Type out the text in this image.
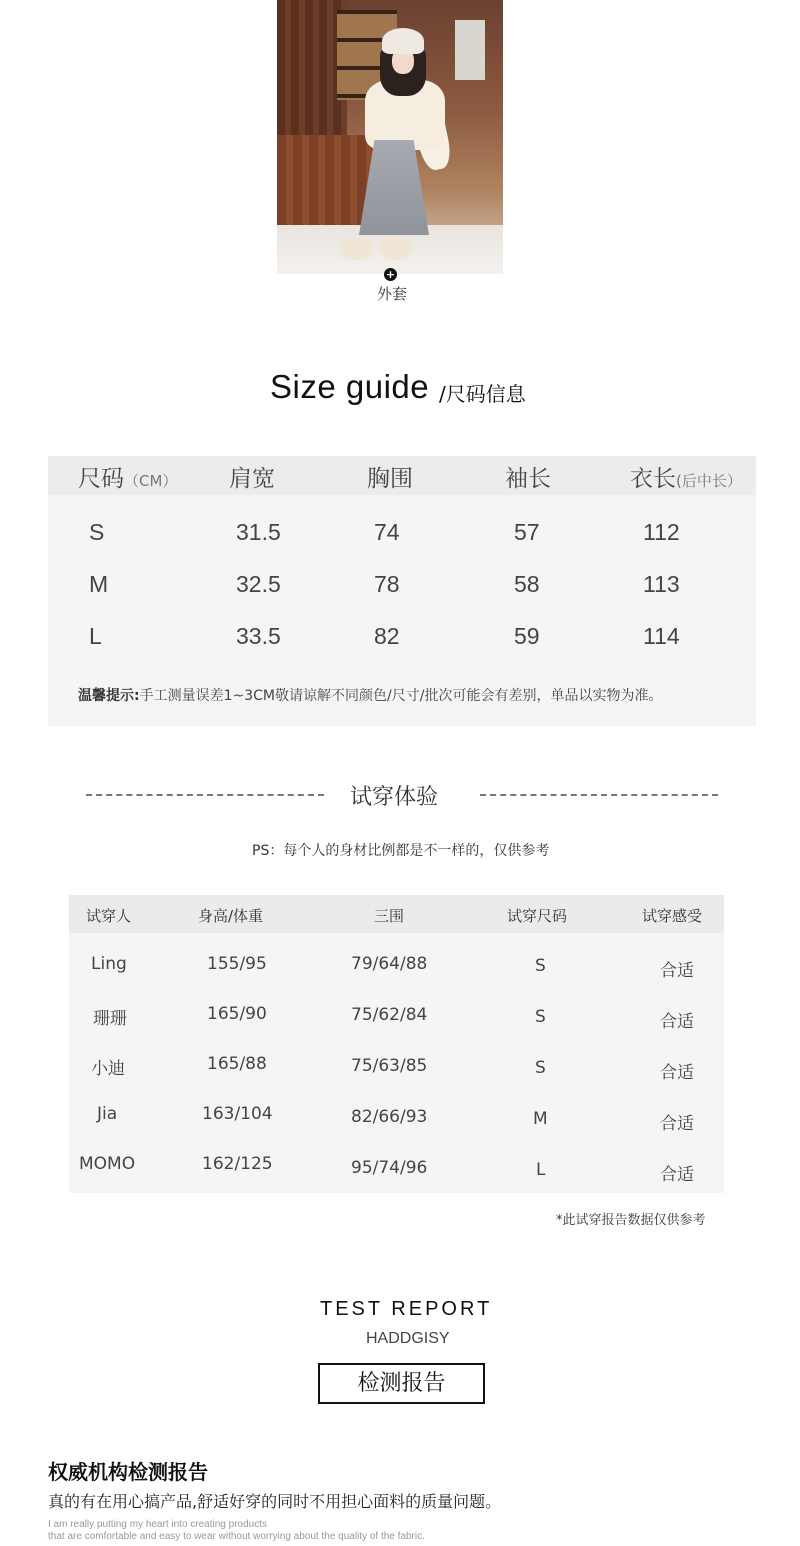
+
外套
Size guide /尺码信息
尺码（CM） 肩宽	胸围	袖长	衣长(后中长）
S	31.5	74	57	112
M	32.5	78	58	113
L	33.5	82	59	114
温馨提示:手工测量误差1~3CM敬请谅解不同颜色/尺寸/批次可能会有差别，单品以实物为准。
试穿体验
PS：每个人的身材比例都是不一样的，仅供参考
试穿人	身高/体重	三围	试穿尺码	试穿感受
Ling	155/95	79/64/88	S	合适
珊珊	165/90	75/62/84	S	合适
小迪	165/88	75/63/85	S	合适
Jia	163/104	82/66/93	M	合适
MOMO	162/125	95/74/96	L	合适
*此试穿报告数据仅供参考
TEST REPORT
HADDGISY
检测报告
权威机构检测报告
真的有在用心搞产品,舒适好穿的同时不用担心面料的质量问题。
I am really putting my heart into creating products
that are comfortable and easy to wear without worrying about the quality of the fabric.
